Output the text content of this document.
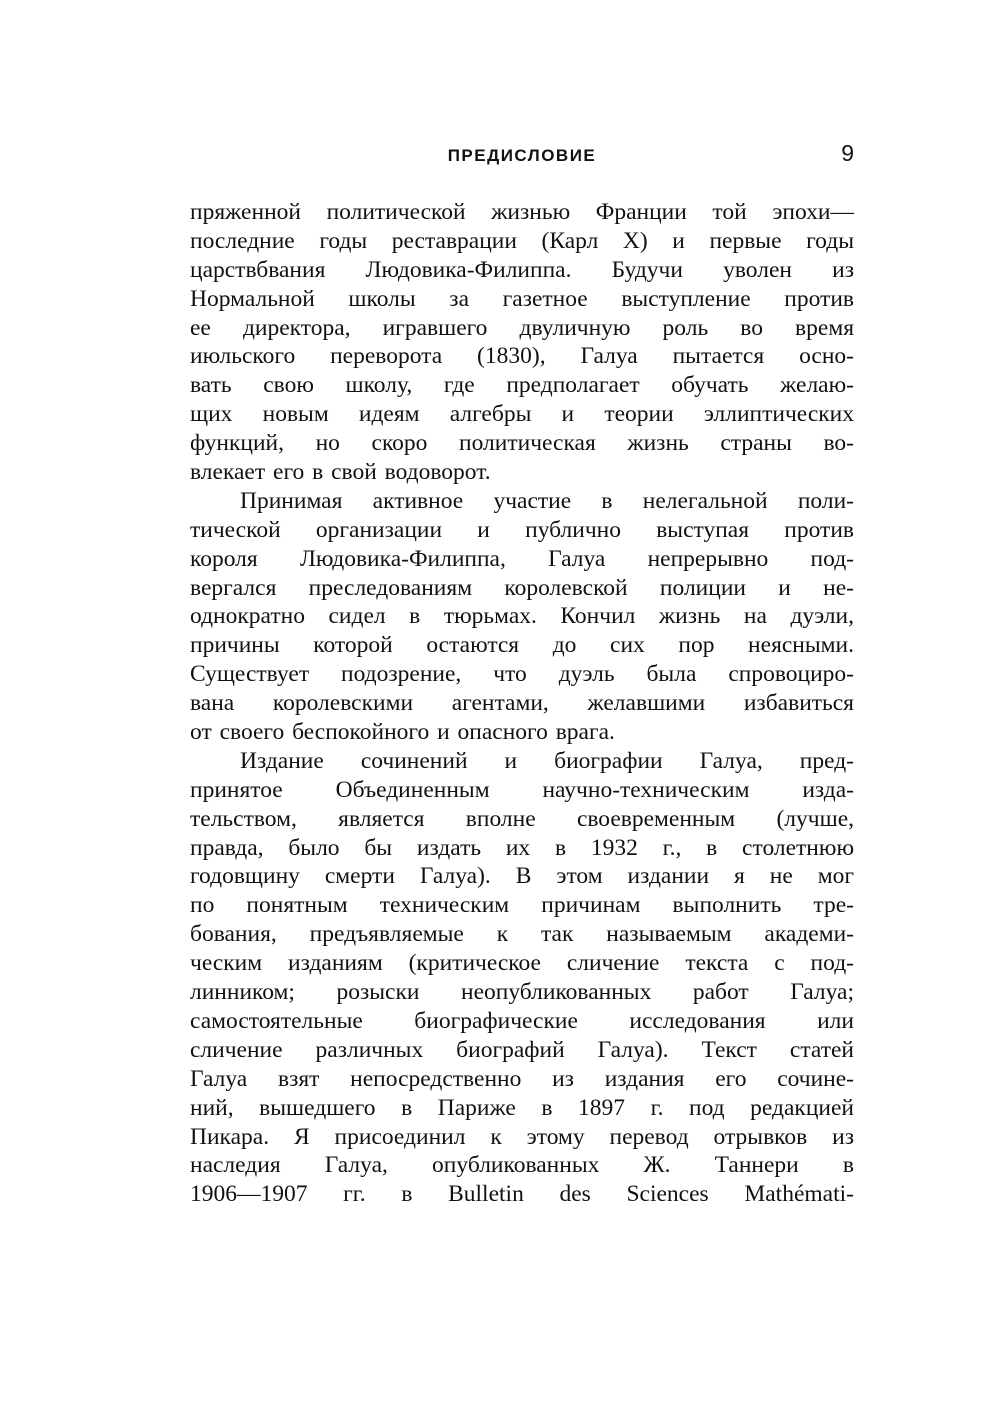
ПРЕДИСЛОВИЕ	9
пряженной политической жизнью Франции той эпохи—
последние годы реставрации (Карл X) и первые годы
царствбвания Людовика-Филиппа. Будучи уволен из
Нормальной школы за газетное выступление против
ее директора, игравшего двуличную роль во время
июльского переворота (1830), Галуа пытается осно-
вать свою школу, где предполагает обучать желаю-
щих новым идеям алгебры и теории эллиптических
функций, но скоро политическая жизнь страны во-
влекает его в свой водоворот.
Принимая активное участие в нелегальной поли-
тической организации и публично выступая против
короля Людовика-Филиппа, Галуа непрерывно под-
вергался преследованиям королевской полиции и не-
однократно сидел в тюрьмах. Кончил жизнь на дуэли,
причины которой остаются до сих пор неясными.
Существует подозрение, что дуэль была спровоциро-
вана королевскими агентами, желавшими избавиться
от своего беспокойного и опасного врага.
Издание сочинений и биографии Галуа, пред-
принятое Объединенным научно-техническим изда-
тельством, является вполне своевременным (лучше,
правда, было бы издать их в 1932 г., в столетнюю
годовщину смерти Галуа). В этом издании я не мог
по понятным техническим причинам выполнить тре-
бования, предъявляемые к так называемым академи-
ческим изданиям (критическое сличение текста с под-
линником; розыски неопубликованных работ Галуа;
самостоятельные биографические исследования или
сличение различных биографий Галуа). Текст статей
Галуа взят непосредственно из издания его сочине-
ний, вышедшего в Париже в 1897 г. под редакцией
Пикара. Я присоединил к этому перевод отрывков из
наследия Галуа, опубликованных Ж. Таннери в
1906—1907 гг. в Bulletin des Sciences Mathémati-
